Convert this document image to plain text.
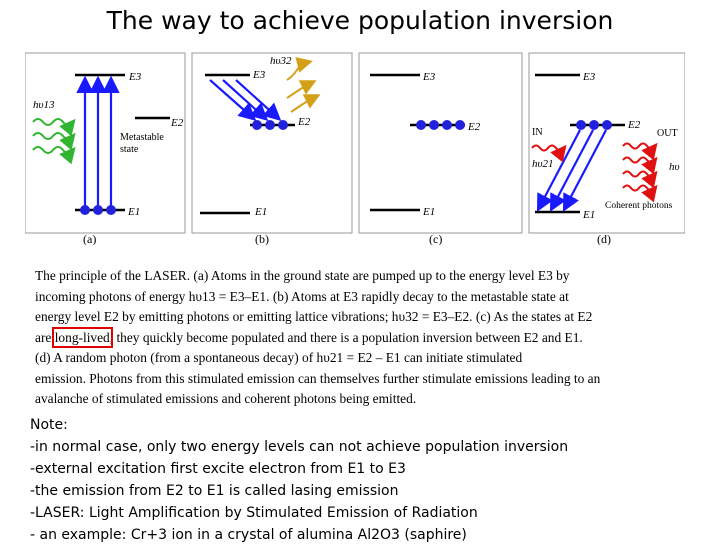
The way to achieve population inversion
E3
E2
Metastable
state
E1
hυ13
E3
E2
E1
hυ32
E3
E2
E1
E3
E2
E1
IN
hυ21
OUT
hυ
Coherent photons
(a)	(b)	(c)	(d)
The principle of the LASER. (a) Atoms in the ground state are pumped up to the energy level E3 by
incoming photons of energy hυ13 = E3–E1. (b) Atoms at E3 rapidly decay to the metastable state at
energy level E2 by emitting photons or emitting lattice vibrations; hυ32 = E3–E2. (c) As the states at E2
are long-lived, they quickly become populated and there is a population inversion between E2 and E1.
(d) A random photon (from a spontaneous decay) of hυ21 = E2 – E1 can initiate stimulated
emission. Photons from this stimulated emission can themselves further stimulate emissions leading to an
avalanche of stimulated emissions and coherent photons being emitted.
Note:
-in normal case, only two energy levels can not achieve population inversion
-external excitation first excite electron from E1 to E3
-the emission from E2 to E1 is called lasing emission
-LASER: Light Amplification by Stimulated Emission of Radiation
- an example: Cr+3 ion in a crystal of alumina Al2O3 (saphire)
